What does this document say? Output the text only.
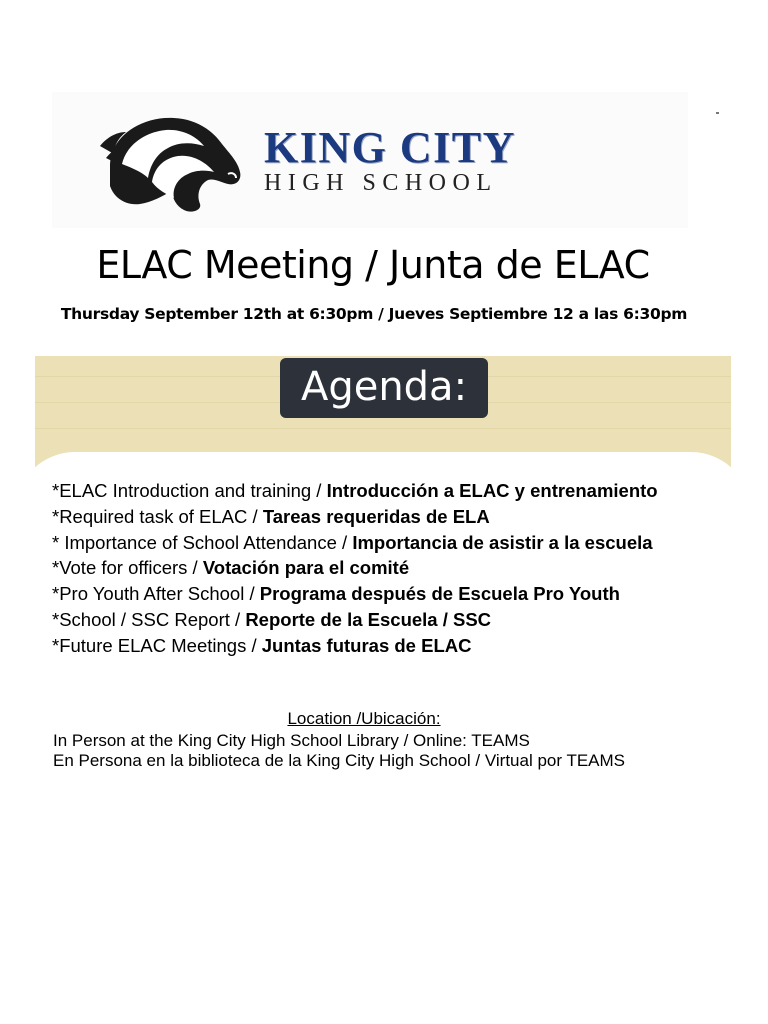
KING CITY
HIGH SCHOOL
ELAC Meeting / Junta de ELAC
Thursday September 12th at 6:30pm / Jueves Septiembre 12 a las 6:30pm
Agenda:
*ELAC Introduction and training / Introducción a ELAC y entrenamiento
*Required task of ELAC / Tareas requeridas de ELA
* Importance of School Attendance / Importancia de asistir a la escuela
*Vote for officers / Votación para el comité
*Pro Youth After School / Programa después de Escuela Pro Youth
*School / SSC Report / Reporte de la Escuela / SSC
*Future ELAC Meetings / Juntas futuras de ELAC
Location /Ubicación:
In Person at the King City High School Library / Online: TEAMS
En Persona en la biblioteca de la King City High School / Virtual por TEAMS
